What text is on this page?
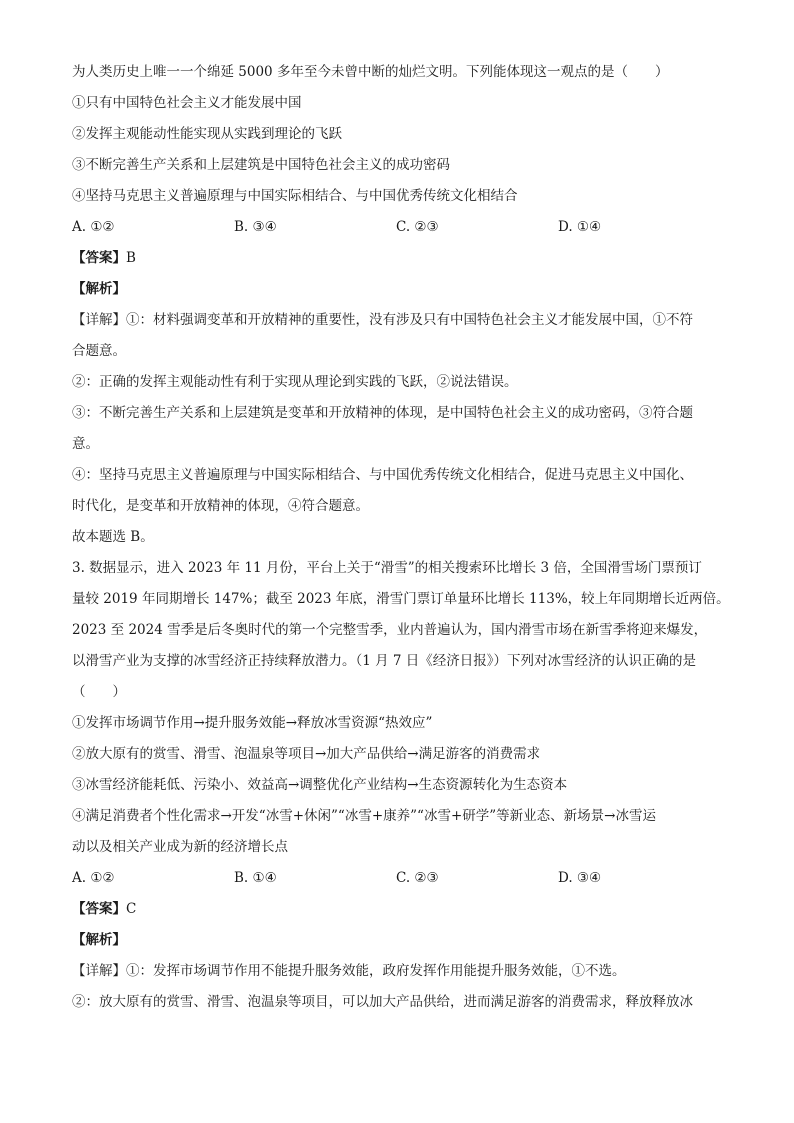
为人类历史上唯一一个绵延 5000 多年至今未曾中断的灿烂文明。下列能体现这一观点的是（　　）
①只有中国特色社会主义才能发展中国
②发挥主观能动性能实现从实践到理论的飞跃
③不断完善生产关系和上层建筑是中国特色社会主义的成功密码
④坚持马克思主义普遍原理与中国实际相结合、与中国优秀传统文化相结合
A. ①②	B. ③④	C. ②③	D. ①④
【答案】B
【解析】
【详解】①：材料强调变革和开放精神的重要性，没有涉及只有中国特色社会主义才能发展中国，①不符
合题意。
②：正确的发挥主观能动性有利于实现从理论到实践的飞跃，②说法错误。
③：不断完善生产关系和上层建筑是变革和开放精神的体现，是中国特色社会主义的成功密码，③符合题
意。
④：坚持马克思主义普遍原理与中国实际相结合、与中国优秀传统文化相结合，促进马克思主义中国化、
时代化，是变革和开放精神的体现，④符合题意。
故本题选 B。
3. 数据显示，进入 2023 年 11 月份，平台上关于“滑雪”的相关搜索环比增长 3 倍，全国滑雪场门票预订
量较 2019 年同期增长 147%；截至 2023 年底，滑雪门票订单量环比增长 113%，较上年同期增长近两倍。
2023 至 2024 雪季是后冬奥时代的第一个完整雪季，业内普遍认为，国内滑雪市场在新雪季将迎来爆发，
以滑雪产业为支撑的冰雪经济正持续释放潜力。（1 月 7 日《经济日报》）下列对冰雪经济的认识正确的是
（　　）
①发挥市场调节作用→提升服务效能→释放冰雪资源“热效应”
②放大原有的赏雪、滑雪、泡温泉等项目→加大产品供给→满足游客的消费需求
③冰雪经济能耗低、污染小、效益高→调整优化产业结构→生态资源转化为生态资本
④满足消费者个性化需求→开发“冰雪+休闲”“冰雪+康养”“冰雪+研学”等新业态、新场景→冰雪运
动以及相关产业成为新的经济增长点
A. ①②	B. ①④	C. ②③	D. ③④
【答案】C
【解析】
【详解】①：发挥市场调节作用不能提升服务效能，政府发挥作用能提升服务效能，①不选。
②：放大原有的赏雪、滑雪、泡温泉等项目，可以加大产品供给，进而满足游客的消费需求，释放释放冰
